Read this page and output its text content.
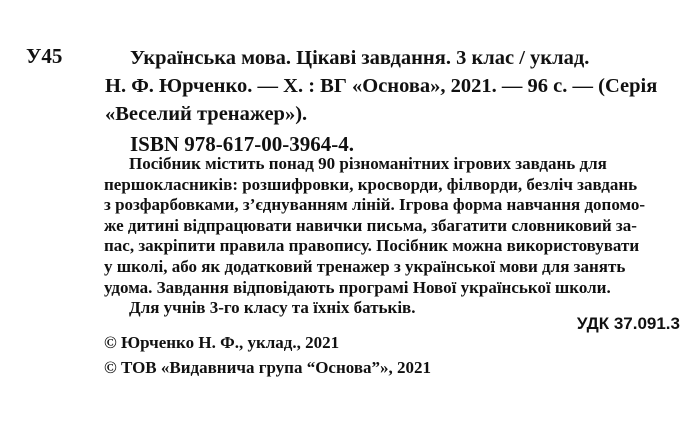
У45	Українська мова. Цікаві завдання. 3 клас / уклад.
Н. Ф. Юрченко. — Х. : ВГ «Основа», 2021. — 96 с. — (Серія
«Веселий тренажер»).
ISBN 978-617-00-3964-4.
Посібник містить понад 90 різноманітних ігрових завдань для
першокласників: розшифровки, кросворди, філворди, безліч завдань
з розфарбовками, з’єднуванням ліній. Ігрова форма навчання допомо-
же дитині відпрацювати навички письма, збагатити словниковий за-
пас, закріпити правила правопису. Посібник можна використовувати
у школі, або як додатковий тренажер з української мови для занять
удома. Завдання відповідають програмі Нової української школи.
Для учнів 3-го класу та їхніх батьків.
УДК 37.091.3
© Юрченко Н. Ф., уклад., 2021
© ТОВ «Видавнича група “Основа”», 2021
